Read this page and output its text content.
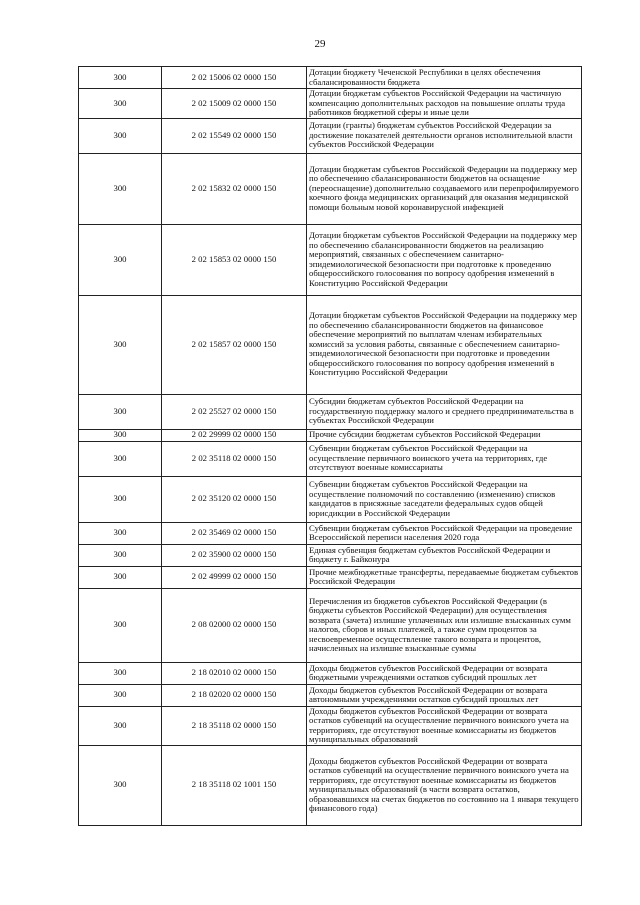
29
300	2 02 15006 02 0000 150	Дотации бюджету Чеченской Республики в целях обеспечения сбалансированности бюджета
300	2 02 15009 02 0000 150	Дотации бюджетам субъектов Российской Федерации на частичную компенсацию дополнительных расходов на повышение оплаты труда работников бюджетной сферы и иные цели
300	2 02 15549 02 0000 150	Дотации (гранты) бюджетам субъектов Российской Федерации за достижение показателей деятельности органов исполнительной власти субъектов Российской Федерации
300	2 02 15832 02 0000 150	Дотации бюджетам субъектов Российской Федерации на поддержку мер по обеспечению сбалансированности бюджетов на оснащение (переоснащение) дополнительно создаваемого или перепрофилируемого коечного фонда медицинских организаций для оказания медицинской помощи больным новой коронавирусной инфекцией
300	2 02 15853 02 0000 150	Дотации бюджетам субъектов Российской Федерации на поддержку мер по обеспечению сбалансированности бюджетов на реализацию мероприятий, связанных с обеспечением санитарно-эпидемиологической безопасности при подготовке к проведению общероссийского голосования по вопросу одобрения изменений в Конституцию Российской Федерации
300	2 02 15857 02 0000 150	Дотации бюджетам субъектов Российской Федерации на поддержку мер по обеспечению сбалансированности бюджетов на финансовое обеспечение мероприятий по выплатам членам избирательных комиссий за условия работы, связанные с обеспечением санитарно-эпидемиологической безопасности при подготовке и проведении общероссийского голосования по вопросу одобрения изменений в Конституцию Российской Федерации
300	2 02 25527 02 0000 150	Субсидии бюджетам субъектов Российской Федерации на государственную поддержку малого и среднего предпринимательства в субъектах Российской Федерации
300	2 02 29999 02 0000 150	Прочие субсидии бюджетам субъектов Российской Федерации
300	2 02 35118 02 0000 150	Субвенции бюджетам субъектов Российской Федерации на осуществление первичного воинского учета на территориях, где отсутствуют военные комиссариаты
300	2 02 35120 02 0000 150	Субвенции бюджетам субъектов Российской Федерации на осуществление полномочий по составлению (изменению) списков кандидатов в присяжные заседатели федеральных судов общей юрисдикции в Российской Федерации
300	2 02 35469 02 0000 150	Субвенции бюджетам субъектов Российской Федерации на проведение Всероссийской переписи населения 2020 года
300	2 02 35900 02 0000 150	Единая субвенция бюджетам субъектов Российской Федерации и бюджету г. Байконура
300	2 02 49999 02 0000 150	Прочие межбюджетные трансферты, передаваемые бюджетам субъектов Российской Федерации
300	2 08 02000 02 0000 150	Перечисления из бюджетов субъектов Российской Федерации (в бюджеты субъектов Российской Федерации) для осуществления возврата (зачета) излишне уплаченных или излишне взысканных сумм налогов, сборов и иных платежей, а также сумм процентов за несвоевременное осуществление такого возврата и процентов, начисленных на излишне взысканные суммы
300	2 18 02010 02 0000 150	Доходы бюджетов субъектов Российской Федерации от возврата бюджетными учреждениями остатков субсидий прошлых лет
300	2 18 02020 02 0000 150	Доходы бюджетов субъектов Российской Федерации от возврата автономными учреждениями остатков субсидий прошлых лет
300	2 18 35118 02 0000 150	Доходы бюджетов субъектов Российской Федерации от возврата остатков субвенций на осуществление первичного воинского учета на территориях, где отсутствуют военные комиссариаты из бюджетов муниципальных образований
300	2 18 35118 02 1001 150	Доходы бюджетов субъектов Российской Федерации от возврата остатков субвенций на осуществление первичного воинского учета на территориях, где отсутствуют военные комиссариаты из бюджетов муниципальных образований (в части возврата остатков, образовавшихся на счетах бюджетов по состоянию на 1 января текущего финансового года)
